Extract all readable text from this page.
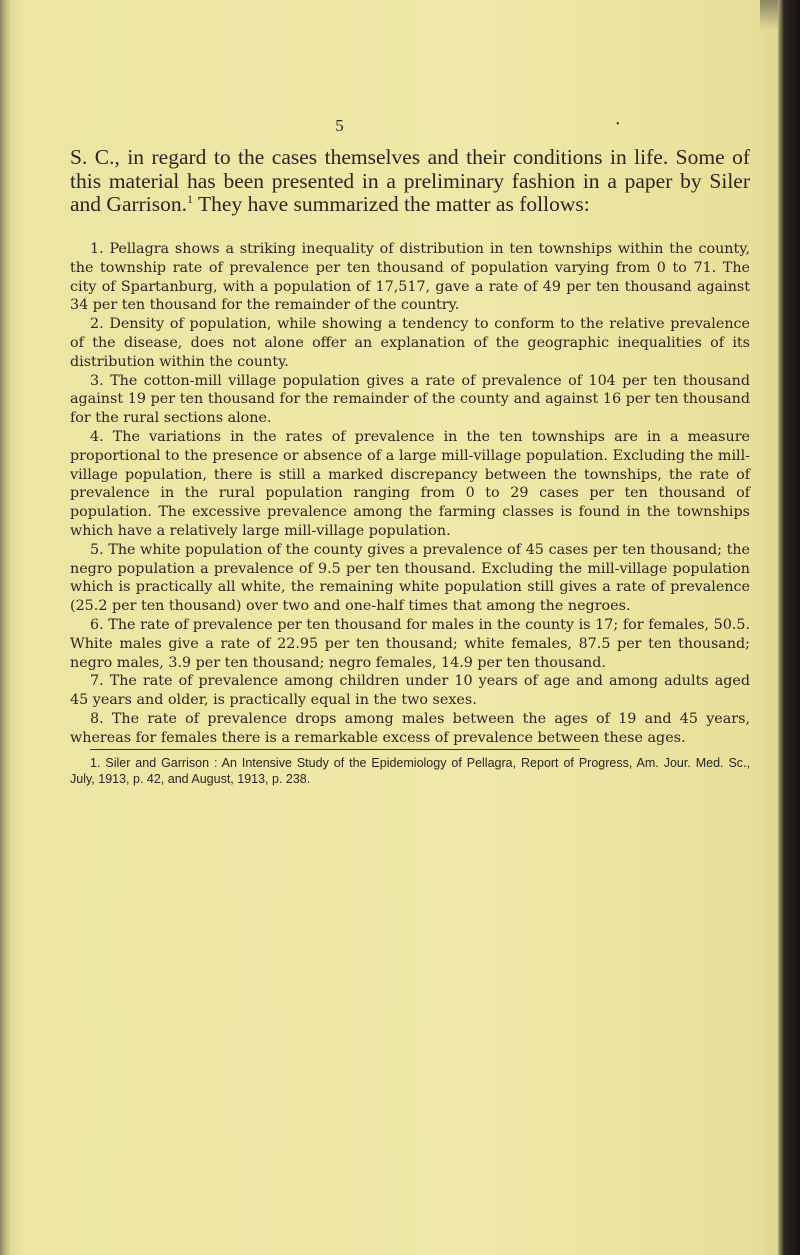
5	•
S. C., in regard to the cases themselves and their conditions in life. Some of this material has been presented in a preliminary fashion in a paper by Siler and Garrison.$^1$ They have summarized the matter as follows:

1. Pellagra shows a striking inequality of distribution in ten townships within the county, the township rate of prevalence per ten thousand of population varying from 0 to 71. The city of Spartanburg, with a population of 17,517, gave a rate of 49 per ten thousand against 34 per ten thousand for the remainder of the country.

2. Density of population, while showing a tendency to conform to the relative prevalence of the disease, does not alone offer an explanation of the geographic inequalities of its distribution within the county.

3. The cotton-mill village population gives a rate of prevalence of 104 per ten thousand against 19 per ten thousand for the remainder of the county and against 16 per ten thousand for the rural sections alone.

4. The variations in the rates of prevalence in the ten townships are in a measure proportional to the presence or absence of a large mill-village population. Excluding the mill-village population, there is still a marked discrepancy between the townships, the rate of prevalence in the rural population ranging from 0 to 29 cases per ten thousand of population. The excessive prevalence among the farming classes is found in the townships which have a relatively large mill-village population.

5. The white population of the county gives a prevalence of 45 cases per ten thousand; the negro population a prevalence of 9.5 per ten thousand. Excluding the mill-village population which is practically all white, the remaining white population still gives a rate of prevalence (25.2 per ten thousand) over two and one-half times that among the negroes.

6. The rate of prevalence per ten thousand for males in the county is 17; for females, 50.5. White males give a rate of 22.95 per ten thousand; white females, 87.5 per ten thousand; negro males, 3.9 per ten thousand; negro females, 14.9 per ten thousand.

7. The rate of prevalence among children under 10 years of age and among adults aged 45 years and older, is practically equal in the two sexes.

8. The rate of prevalence drops among males between the ages of 19 and 45 years, whereas for females there is a remarkable excess of prevalence between these ages.

1. Siler and Garrison : An Intensive Study of the Epidemiology of Pellagra, Report of Progress, Am. Jour. Med. Sc., July, 1913, p. 42, and August, 1913, p. 238.
